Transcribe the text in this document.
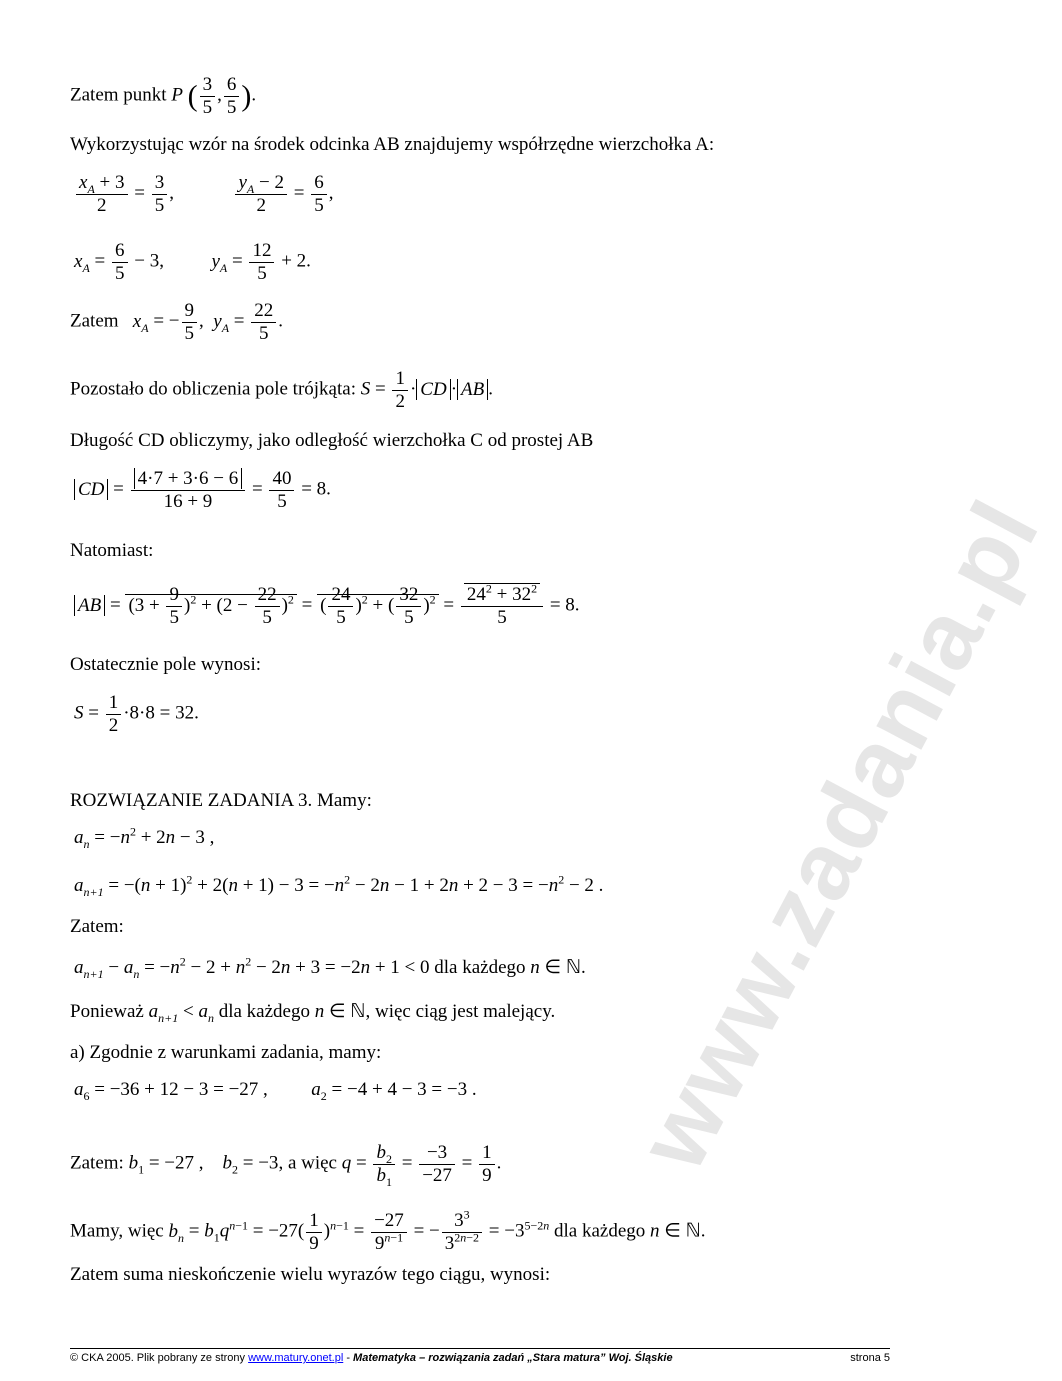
www.zadania.pl
Zatem punkt P ( $\frac{3}{5}$ , $\frac{6}{5}$ ).
Wykorzystując wzór na środek odcinka AB znajdujemy współrzędne wierzchołka A:
$\frac{x_A + 3}{2} = \frac{3}{5}$ ,	$\frac{y_A - 2}{2} = \frac{6}{5}$ ,
$x_A = \frac{6}{5} - 3$,  $y_A = \frac{12}{5} + 2$.
Zatem $x_A$ = − $\frac{9}{5}$ ,  $y_A = \frac{22}{5}$ .
Pozostało do obliczenia pole trójkąta: $S = \frac{1}{2}$ · CD · AB .
Długość CD obliczymy, jako odległość wierzchołka C od prostej AB
CD = $\frac{4\cdot 7 + 3\cdot 6 - 6}{16 + 9} = \frac{40}{5} = 8$.
Natomiast:
AB = $(3 + \frac{9}{5} )^2 + (2 - \frac{22}{5} )^2$ = ( $\frac{24}{5} )^2$ + ( $\frac{32}{5} )^2 = \frac{24^2 + 32^2}{5} = 8$.
Ostatecznie pole wynosi:
$S = \frac{1}{2} \cdot 8\cdot 8 = 32$.
ROZWIĄZANIE ZADANIA 3. Mamy:
$a_n = -n^2 + 2n - 3$ ,
$a_{n+1} = -(n + 1)^2 + 2(n + 1) - 3 = -n^2 - 2n - 1 + 2n + 2 - 3 = -n^2 - 2$ .
Zatem:
$a_{n+1} - a_n = -n^2 - 2 + n^2 - 2n + 3 = -2n + 1 < 0$ dla każdego n ∈ ℕ.
Ponieważ $a_{n+1} < a_n$ dla każdego n ∈ ℕ, więc ciąg jest malejący.
a) Zgodnie z warunkami zadania, mamy:
$a_6 = -36 + 12 - 3 = -27$ ,  $a_2 = -4 + 4 - 3 = -3$ .
Zatem: $b_1 = -27$ ,    $b_2 = -3$, a więc $q = \frac{b_2}{b_1} = \frac{-3}{-27} = \frac{1}{9}$ .
Mamy, więc $b_n = b_1q^{n-1} = -27( \frac{1}{9} )^{n-1} = \frac{-27}{9^{n-1}}$ = − $\frac{3^3}{3^{2n-2}} = -3^{5-2n}$ dla każdego n ∈ ℕ.
Zatem suma nieskończenie wielu wyrazów tego ciągu, wynosi:
© CKA 2005. Plik pobrany ze strony www.matury.onet.pl - Matematyka – rozwiązania zadań „Stara matura” Woj. Śląskie	strona 5
